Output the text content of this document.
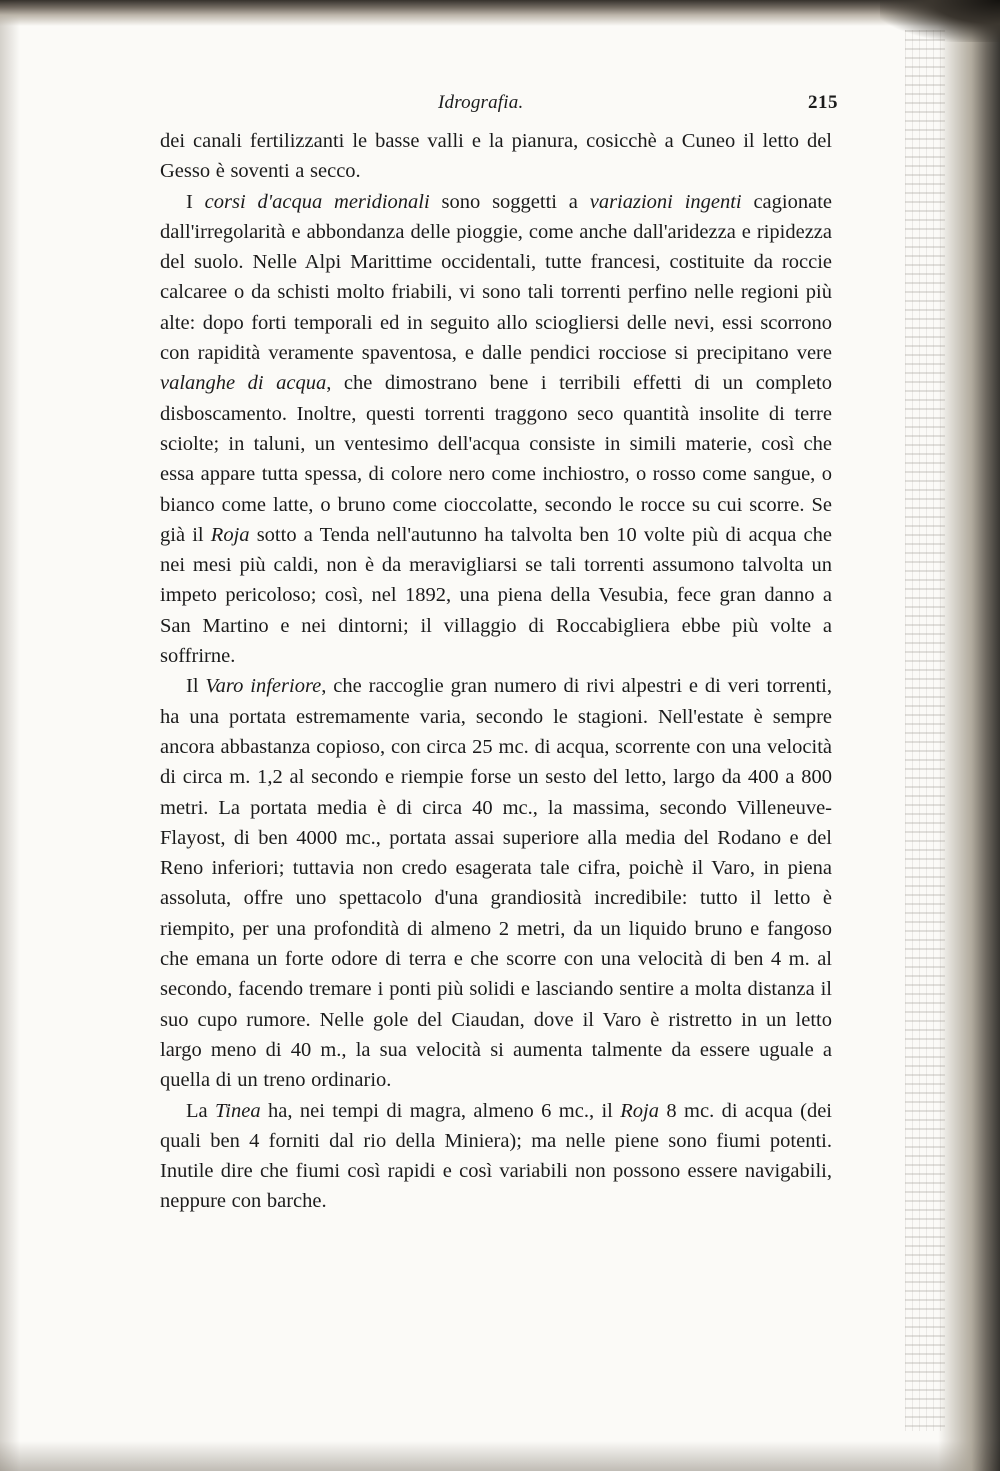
Idrografia.	215

dei canali fertilizzanti le basse valli e la pianura, cosicchè a Cuneo il letto del Gesso è soventi a secco.

I corsi d'acqua meridionali sono soggetti a variazioni ingenti cagionate dall'irregolarità e abbondanza delle pioggie, come anche dall'aridezza e ripidezza del suolo. Nelle Alpi Marittime occidentali, tutte francesi, costituite da roccie calcaree o da schisti molto friabili, vi sono tali torrenti perfino nelle regioni più alte: dopo forti temporali ed in seguito allo sciogliersi delle nevi, essi scorrono con rapidità veramente spaventosa, e dalle pendici rocciose si precipitano vere valanghe di acqua, che dimostrano bene i terribili effetti di un completo disboscamento. Inoltre, questi torrenti traggono seco quantità insolite di terre sciolte; in taluni, un ventesimo dell'acqua consiste in simili materie, così che essa appare tutta spessa, di colore nero come inchiostro, o rosso come sangue, o bianco come latte, o bruno come cioccolatte, secondo le rocce su cui scorre. Se già il Roja sotto a Tenda nell'autunno ha talvolta ben 10 volte più di acqua che nei mesi più caldi, non è da meravigliarsi se tali torrenti assumono talvolta un impeto pericoloso; così, nel 1892, una piena della Vesubia, fece gran danno a San Martino e nei dintorni; il villaggio di Roccabigliera ebbe più volte a soffrirne.

Il Varo inferiore, che raccoglie gran numero di rivi alpestri e di veri torrenti, ha una portata estremamente varia, secondo le stagioni. Nell'estate è sempre ancora abbastanza copioso, con circa 25 mc. di acqua, scorrente con una velocità di circa m. 1,2 al secondo e riempie forse un sesto del letto, largo da 400 a 800 metri. La portata media è di circa 40 mc., la massima, secondo Villeneuve-Flayost, di ben 4000 mc., portata assai superiore alla media del Rodano e del Reno inferiori; tuttavia non credo esagerata tale cifra, poichè il Varo, in piena assoluta, offre uno spettacolo d'una grandiosità incredibile: tutto il letto è riempito, per una profondità di almeno 2 metri, da un liquido bruno e fangoso che emana un forte odore di terra e che scorre con una velocità di ben 4 m. al secondo, facendo tremare i ponti più solidi e lasciando sentire a molta distanza il suo cupo rumore. Nelle gole del Ciaudan, dove il Varo è ristretto in un letto largo meno di 40 m., la sua velocità si aumenta talmente da essere uguale a quella di un treno ordinario.

La Tinea ha, nei tempi di magra, almeno 6 mc., il Roja 8 mc. di acqua (dei quali ben 4 forniti dal rio della Miniera); ma nelle piene sono fiumi potenti. Inutile dire che fiumi così rapidi e così variabili non possono essere navigabili, neppure con barche.
